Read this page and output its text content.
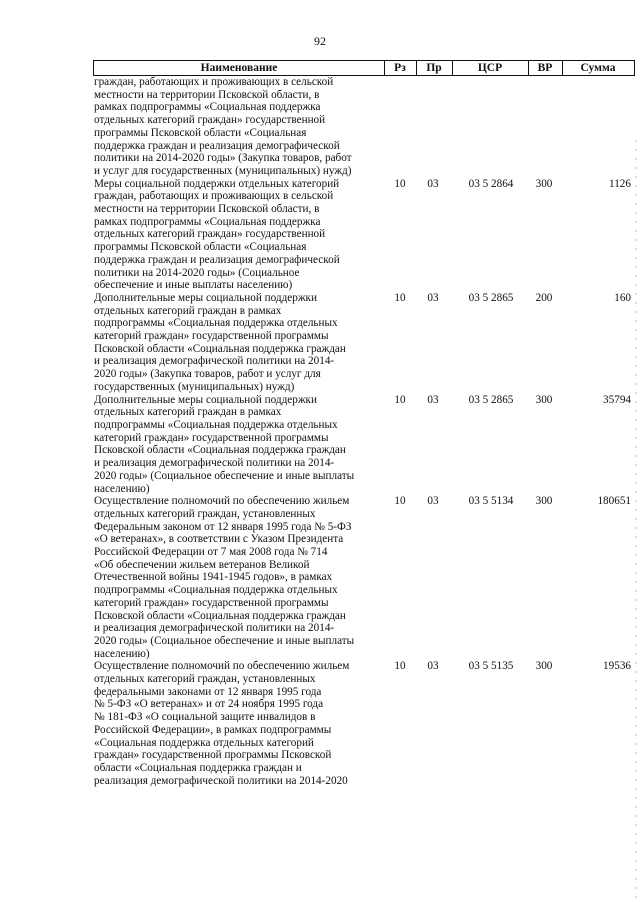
92
Наименование	Рз	Пр	ЦСР	ВР	Сумма
граждан, работающих и проживающих в сельской
местности на территории Псковской области, в
рамках подпрограммы «Социальная поддержка
отдельных категорий граждан» государственной
программы Псковской области «Социальная
поддержка граждан и реализация демографической
политики на 2014-2020 годы» (Закупка товаров, работ
и услуг для государственных (муниципальных) нужд)
Меры социальной поддержки отдельных категорий
граждан, работающих и проживающих в сельской
местности на территории Псковской области, в
рамках подпрограммы «Социальная поддержка
отдельных категорий граждан» государственной
программы Псковской области «Социальная
поддержка граждан и реализация демографической
политики на 2014-2020 годы» (Социальное
обеспечение и иные выплаты населению)
10	03	03 5 2864	300	1126
Дополнительные меры социальной поддержки
отдельных категорий граждан в рамках
подпрограммы «Социальная поддержка отдельных
категорий граждан» государственной программы
Псковской области «Социальная поддержка граждан
и реализация демографической политики на 2014-
2020 годы» (Закупка товаров, работ и услуг для
государственных (муниципальных) нужд)
10	03	03 5 2865	200	160
Дополнительные меры социальной поддержки
отдельных категорий граждан в рамках
подпрограммы «Социальная поддержка отдельных
категорий граждан» государственной программы
Псковской области «Социальная поддержка граждан
и реализация демографической политики на 2014-
2020 годы» (Социальное обеспечение и иные выплаты
населению)
10	03	03 5 2865	300	35794
Осуществление полномочий по обеспечению жильем
отдельных категорий граждан, установленных
Федеральным законом от 12 января 1995 года № 5-ФЗ
«О ветеранах», в соответствии с Указом Президента
Российской Федерации от 7 мая 2008 года № 714
«Об обеспечении жильем ветеранов Великой
Отечественной войны 1941-1945 годов», в рамках
подпрограммы «Социальная поддержка отдельных
категорий граждан» государственной программы
Псковской области «Социальная поддержка граждан
и реализация демографической политики на 2014-
2020 годы» (Социальное обеспечение и иные выплаты
населению)
10	03	03 5 5134	300	180651
Осуществление полномочий по обеспечению жильем
отдельных категорий граждан, установленных
федеральными законами от 12 января 1995 года
№ 5-ФЗ «О ветеранах» и от 24 ноября 1995 года
№ 181-ФЗ «О социальной защите инвалидов в
Российской Федерации», в рамках подпрограммы
«Социальная поддержка отдельных категорий
граждан» государственной программы Псковской
области «Социальная поддержка граждан и
реализация демографической политики на 2014-2020
10	03	03 5 5135	300	19536
